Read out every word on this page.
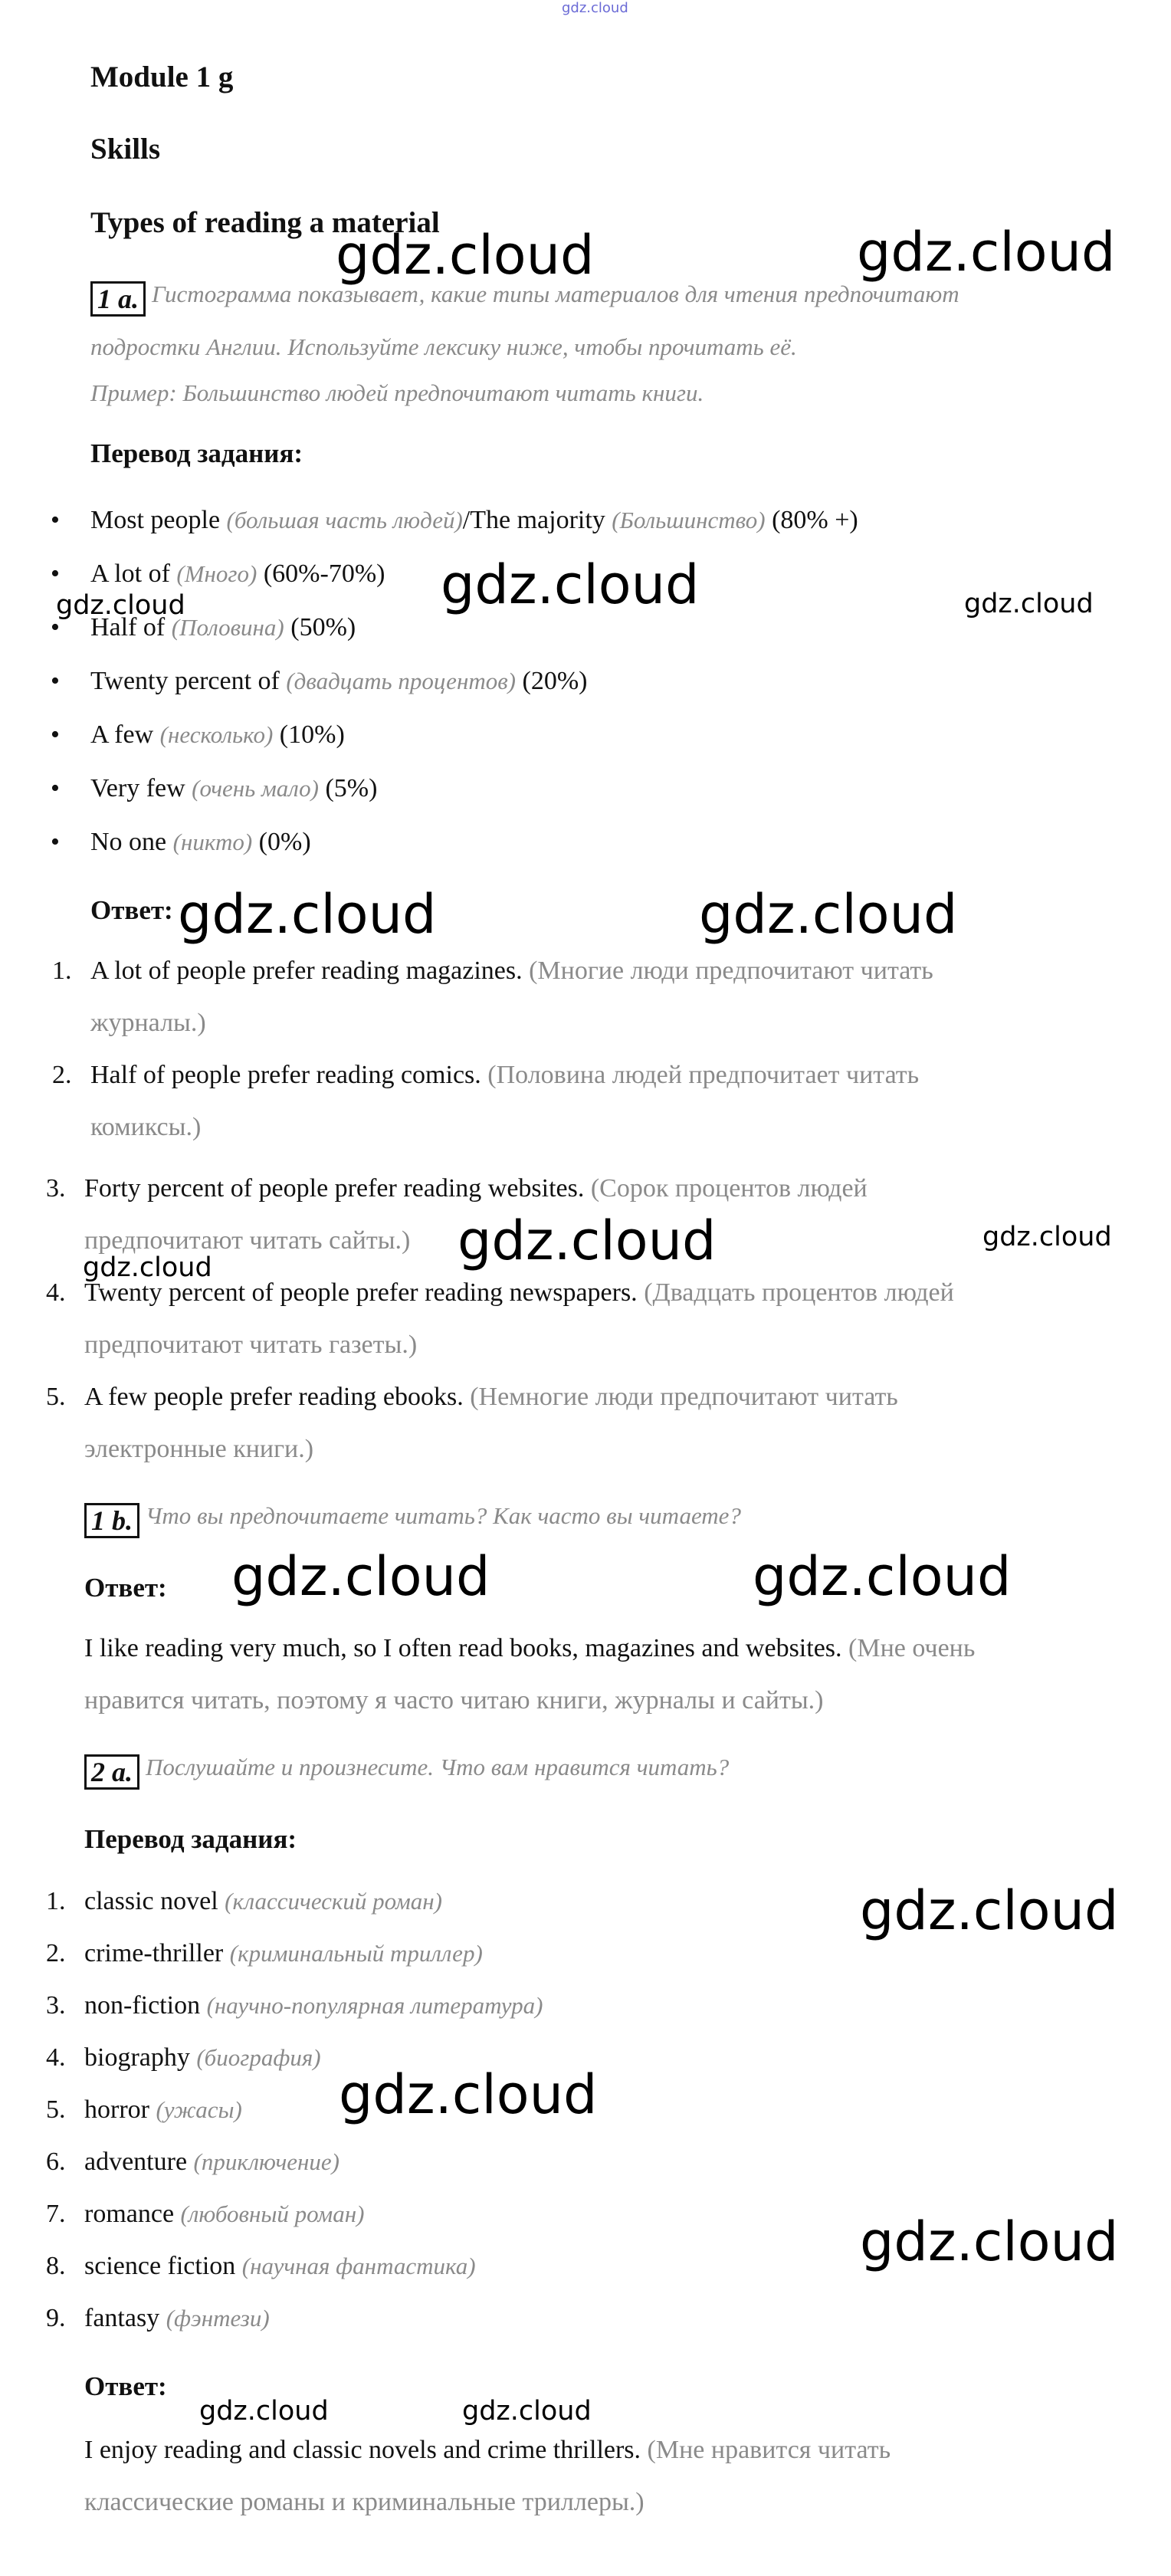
gdz.cloud
Module 1 g
Skills
Types of reading a material
1 a. Гистограмма показывает, какие типы материалов для чтения предпочитают
подростки Англии. Используйте лексику ниже, чтобы прочитать её.
Пример: Большинство людей предпочитают читать книги.
Перевод задания:
• Most people (большая часть людей)/The majority (Большинство) (80% +)
• A lot of (Много) (60%-70%)
• Half of (Половина) (50%)
• Twenty percent of (двадцать процентов) (20%)
• A few (несколько) (10%)
• Very few (очень мало) (5%)
• No one (никто) (0%)
Ответ:
1. A lot of people prefer reading magazines. (Многие люди предпочитают читать
журналы.)
2. Half of people prefer reading comics. (Половина людей предпочитает читать
комиксы.)
3. Forty percent of people prefer reading websites. (Сорок процентов людей
предпочитают читать сайты.)
4. Twenty percent of people prefer reading newspapers. (Двадцать процентов людей
предпочитают читать газеты.)
5. A few people prefer reading ebooks. (Немногие люди предпочитают читать
электронные книги.)
1 b. Что вы предпочитаете читать? Как часто вы читаете?
Ответ:
I like reading very much, so I often read books, magazines and websites. (Мне очень
нравится читать, поэтому я часто читаю книги, журналы и сайты.)
2 a. Послушайте и произнесите. Что вам нравится читать?
Перевод задания:
1. classic novel (классический роман)
2. crime-thriller (криминальный триллер)
3. non-fiction (научно-популярная литература)
4. biography (биография)
5. horror (ужасы)
6. adventure (приключение)
7. romance (любовный роман)
8. science fiction (научная фантастика)
9. fantasy (фэнтези)
Ответ:
I enjoy reading and classic novels and crime thrillers. (Мне нравится читать
классические романы и криминальные триллеры.)
gdz.cloud	gdz.cloud
gdz.cloud
gdz.cloud	gdz.cloud
gdz.cloud	gdz.cloud
gdz.cloud	gdz.cloud
gdz.cloud
gdz.cloud	gdz.cloud
gdz.cloud
gdz.cloud
gdz.cloud
gdz.cloud	gdz.cloud
